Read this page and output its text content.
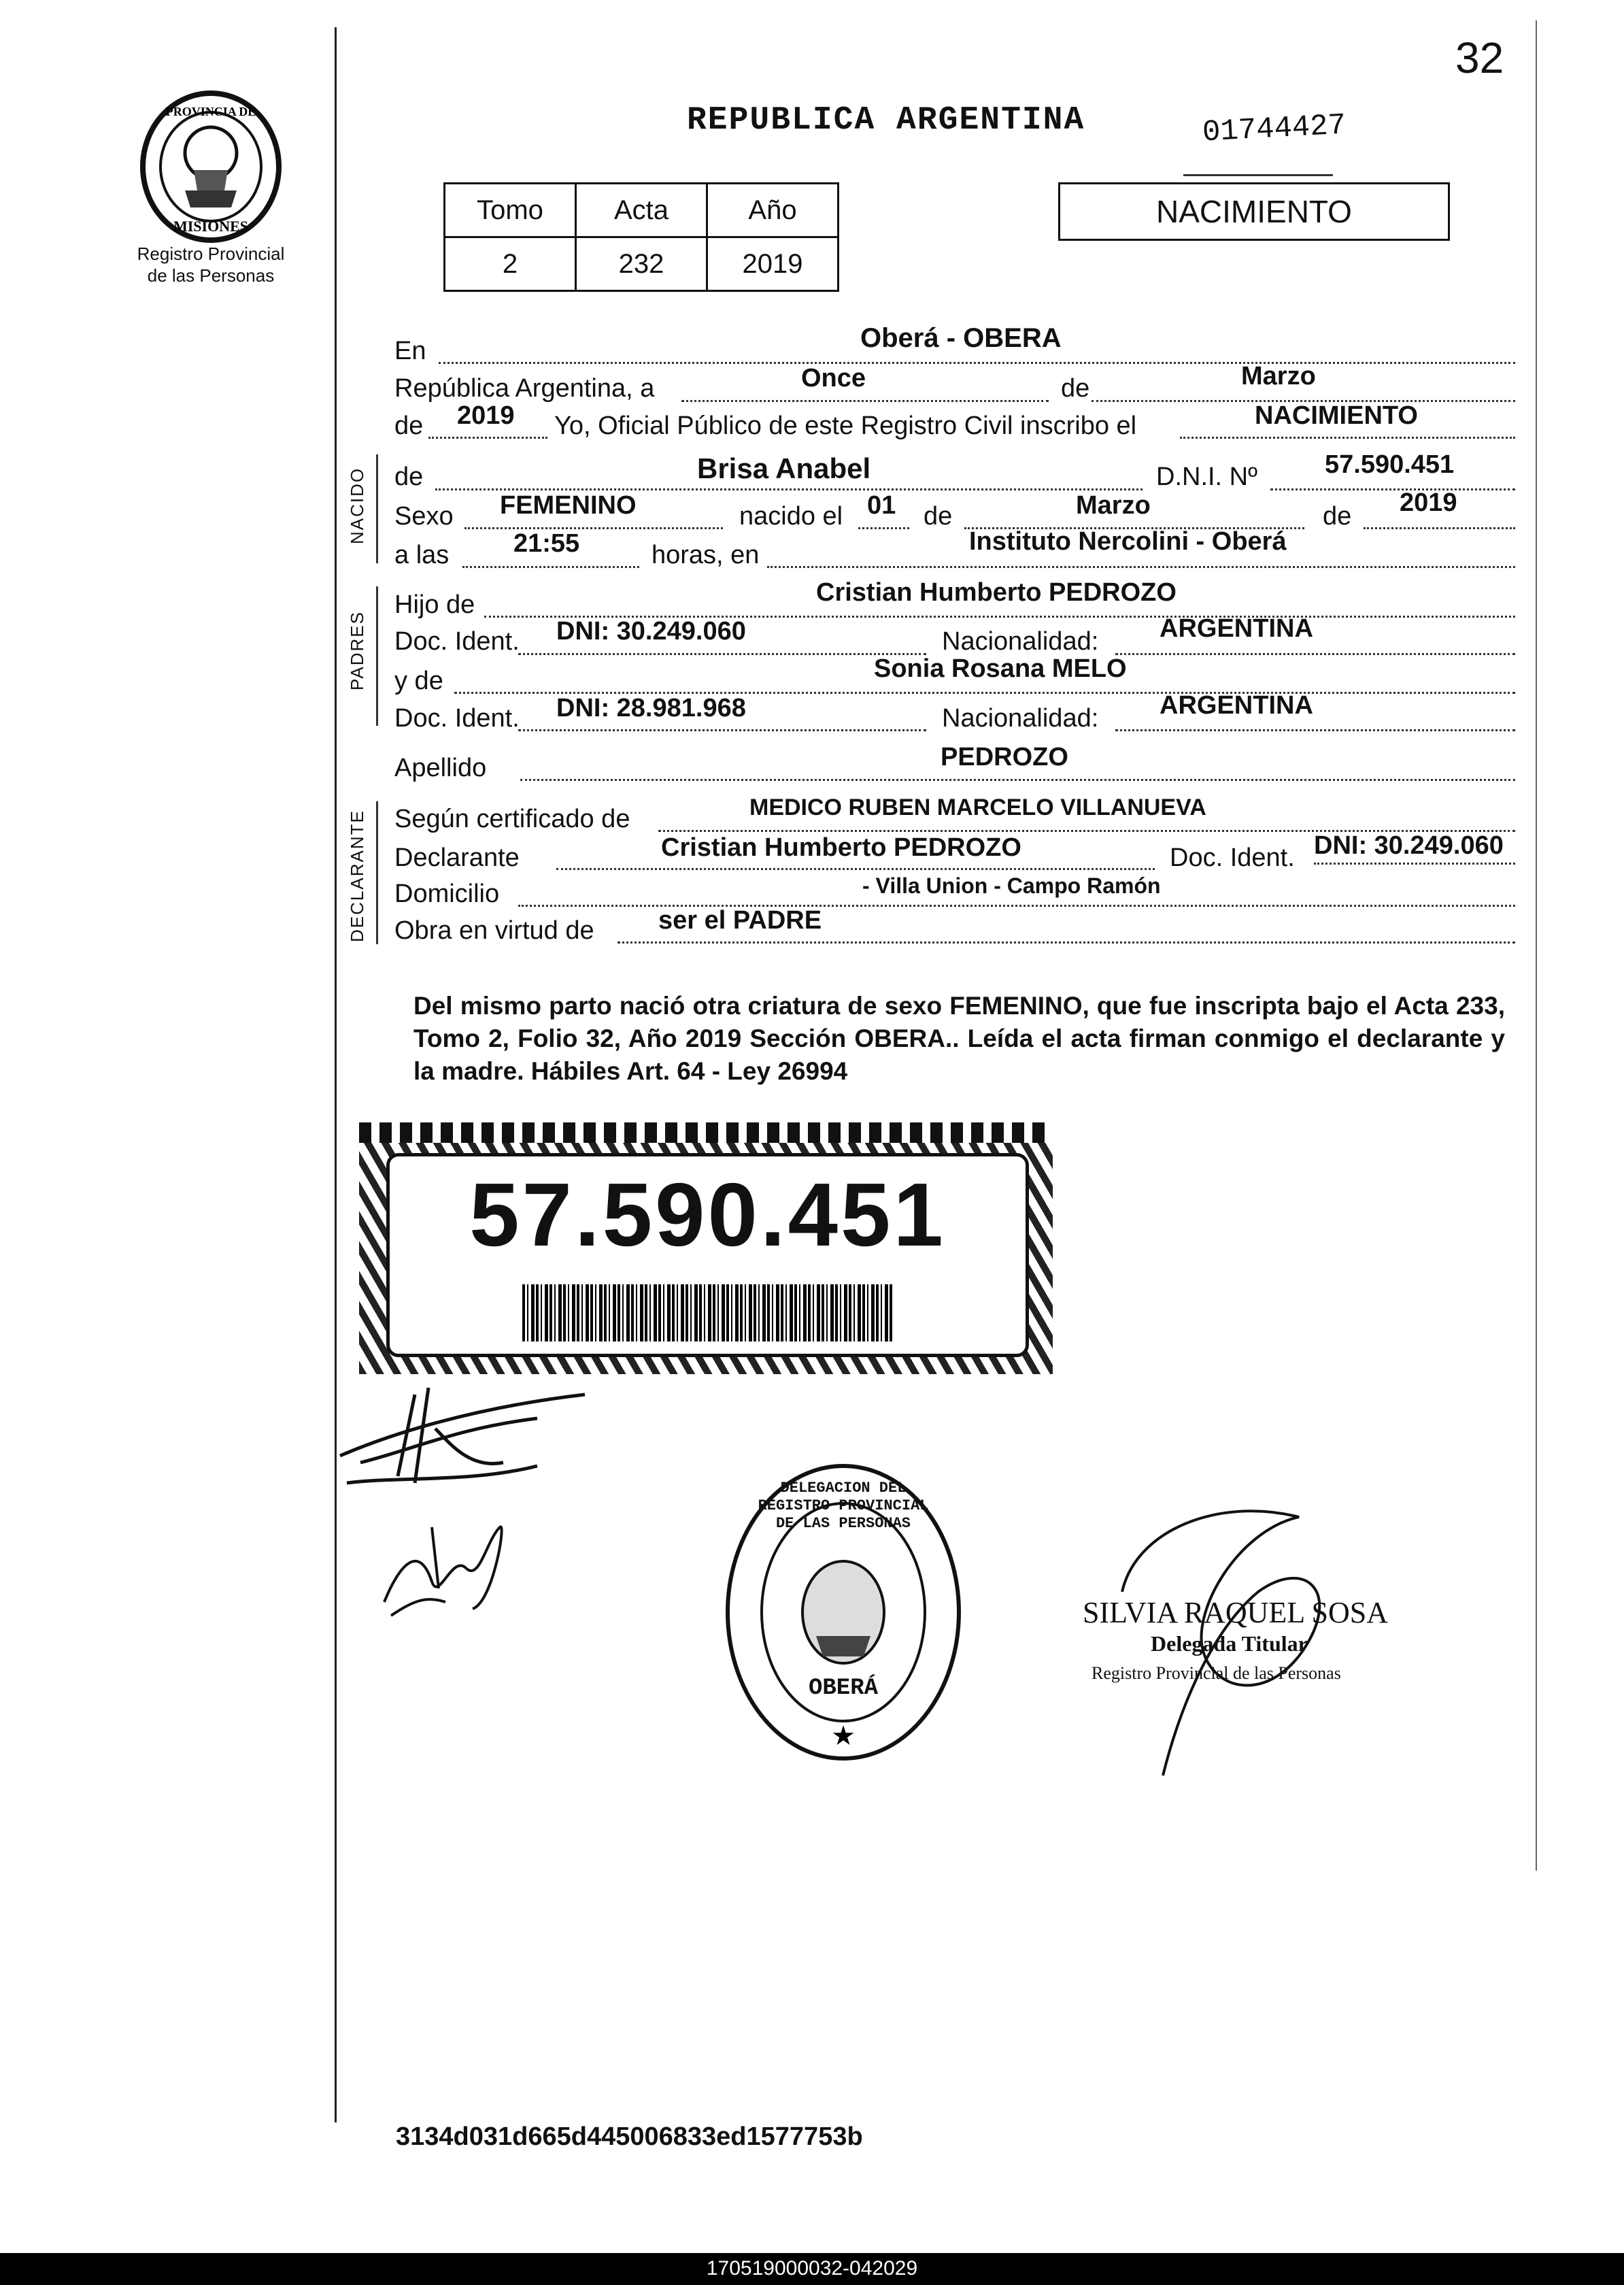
32
PROVINCIA DE
MISIONES
Registro Provincial
de las Personas
REPUBLICA ARGENTINA	01744427
NACIMIENTO
Tomo	Acta	Año
2	232	2019
En	Oberá - OBERA
República Argentina, a	Once	de	Marzo
de 2019 Yo, Oficial Público de este Registro Civil inscribo el	NACIMIENTO
NACIDO de	Brisa Anabel	D.N.I. Nº	57.590.451
Sexo FEMENINO	nacido el 01 de	Marzo	de 2019
a las 21:55	horas, en	Instituto Nercolini - Oberá
PADRES
Hijo de	Cristian Humberto PEDROZO
Doc. Ident. DNI: 30.249.060	Nacionalidad: ARGENTINA
y de	Sonia Rosana MELO
Doc. Ident. DNI: 28.981.968	Nacionalidad: ARGENTINA
Apellido	PEDROZO
DECLARANTE Según certificado de	MEDICO RUBEN MARCELO VILLANUEVA
Declarante	Cristian Humberto PEDROZO	Doc. Ident. DNI: 30.249.060
Domicilio	- Villa Union - Campo Ramón
Obra en virtud de ser el PADRE
Del mismo parto nació otra criatura de sexo FEMENINO, que fue inscripta bajo el Acta 233, Tomo 2, Folio 32, Año 2019 Sección OBERA.. Leída el acta firman conmigo el declarante y la madre. Hábiles Art. 64 - Ley 26994
57.590.451
★
DELEGACION DEL REGISTRO PROVINCIAL DE LAS PERSONAS
OBERÁ
SILVIA RAQUEL SOSA
Delegada Titular
Registro Provincial de las Personas
3134d031d665d445006833ed1577753b
170519000032-042029
